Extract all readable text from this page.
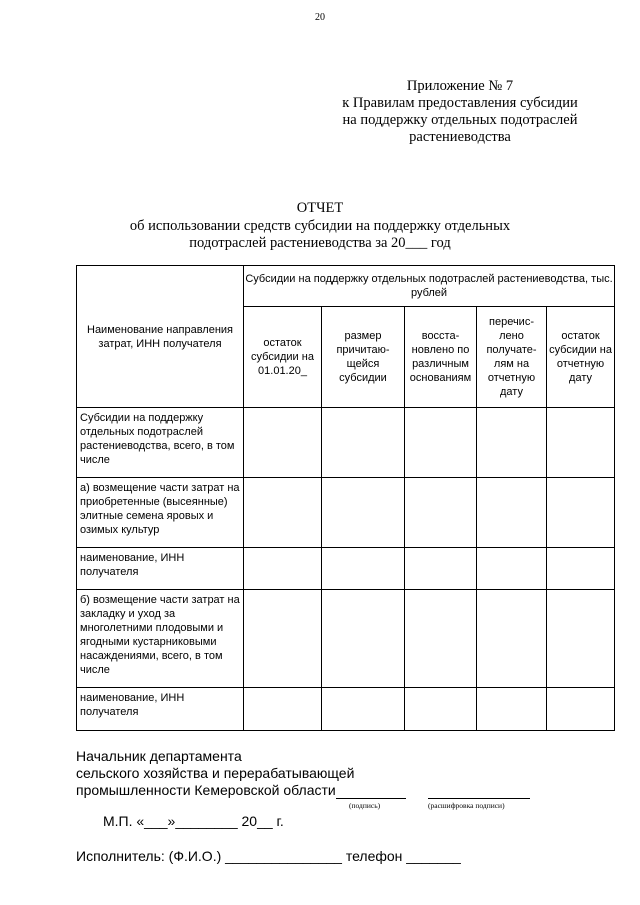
20
Приложение № 7
к Правилам предоставления субсидии
на поддержку отдельных подотраслей
растениеводства
ОТЧЕТ
об использовании средств субсидии на поддержку отдельных
подотраслей растениеводства за 20___ год
Наименование направления затрат, ИНН получателя	Субсидии на поддержку отдельных подотраслей растениеводства, тыс. рублей				
	остаток субсидии на 01.01.20_	размер причитаю-щейся субсидии	восста-новлено по различным основаниям	перечис-лено получате-лям на отчетную дату	остаток субсидии на отчетную дату
Субсидии на поддержку отдельных подотраслей растениеводства, всего, в том числе					
а) возмещение части затрат на приобретенные (высеянные) элитные семена яровых и озимых культур					
наименование, ИНН получателя					
б) возмещение части затрат на закладку и уход за многолетними плодовыми и ягодными кустарниковыми насаждениями, всего, в том числе					
наименование, ИНН получателя					
Начальник департамента
сельского хозяйства и перерабатывающей
промышленности Кемеровской области
(подпись)	(расшифровка подписи)
М.П. «___»________ 20__ г.
Исполнитель: (Ф.И.О.) _______________ телефон _______
